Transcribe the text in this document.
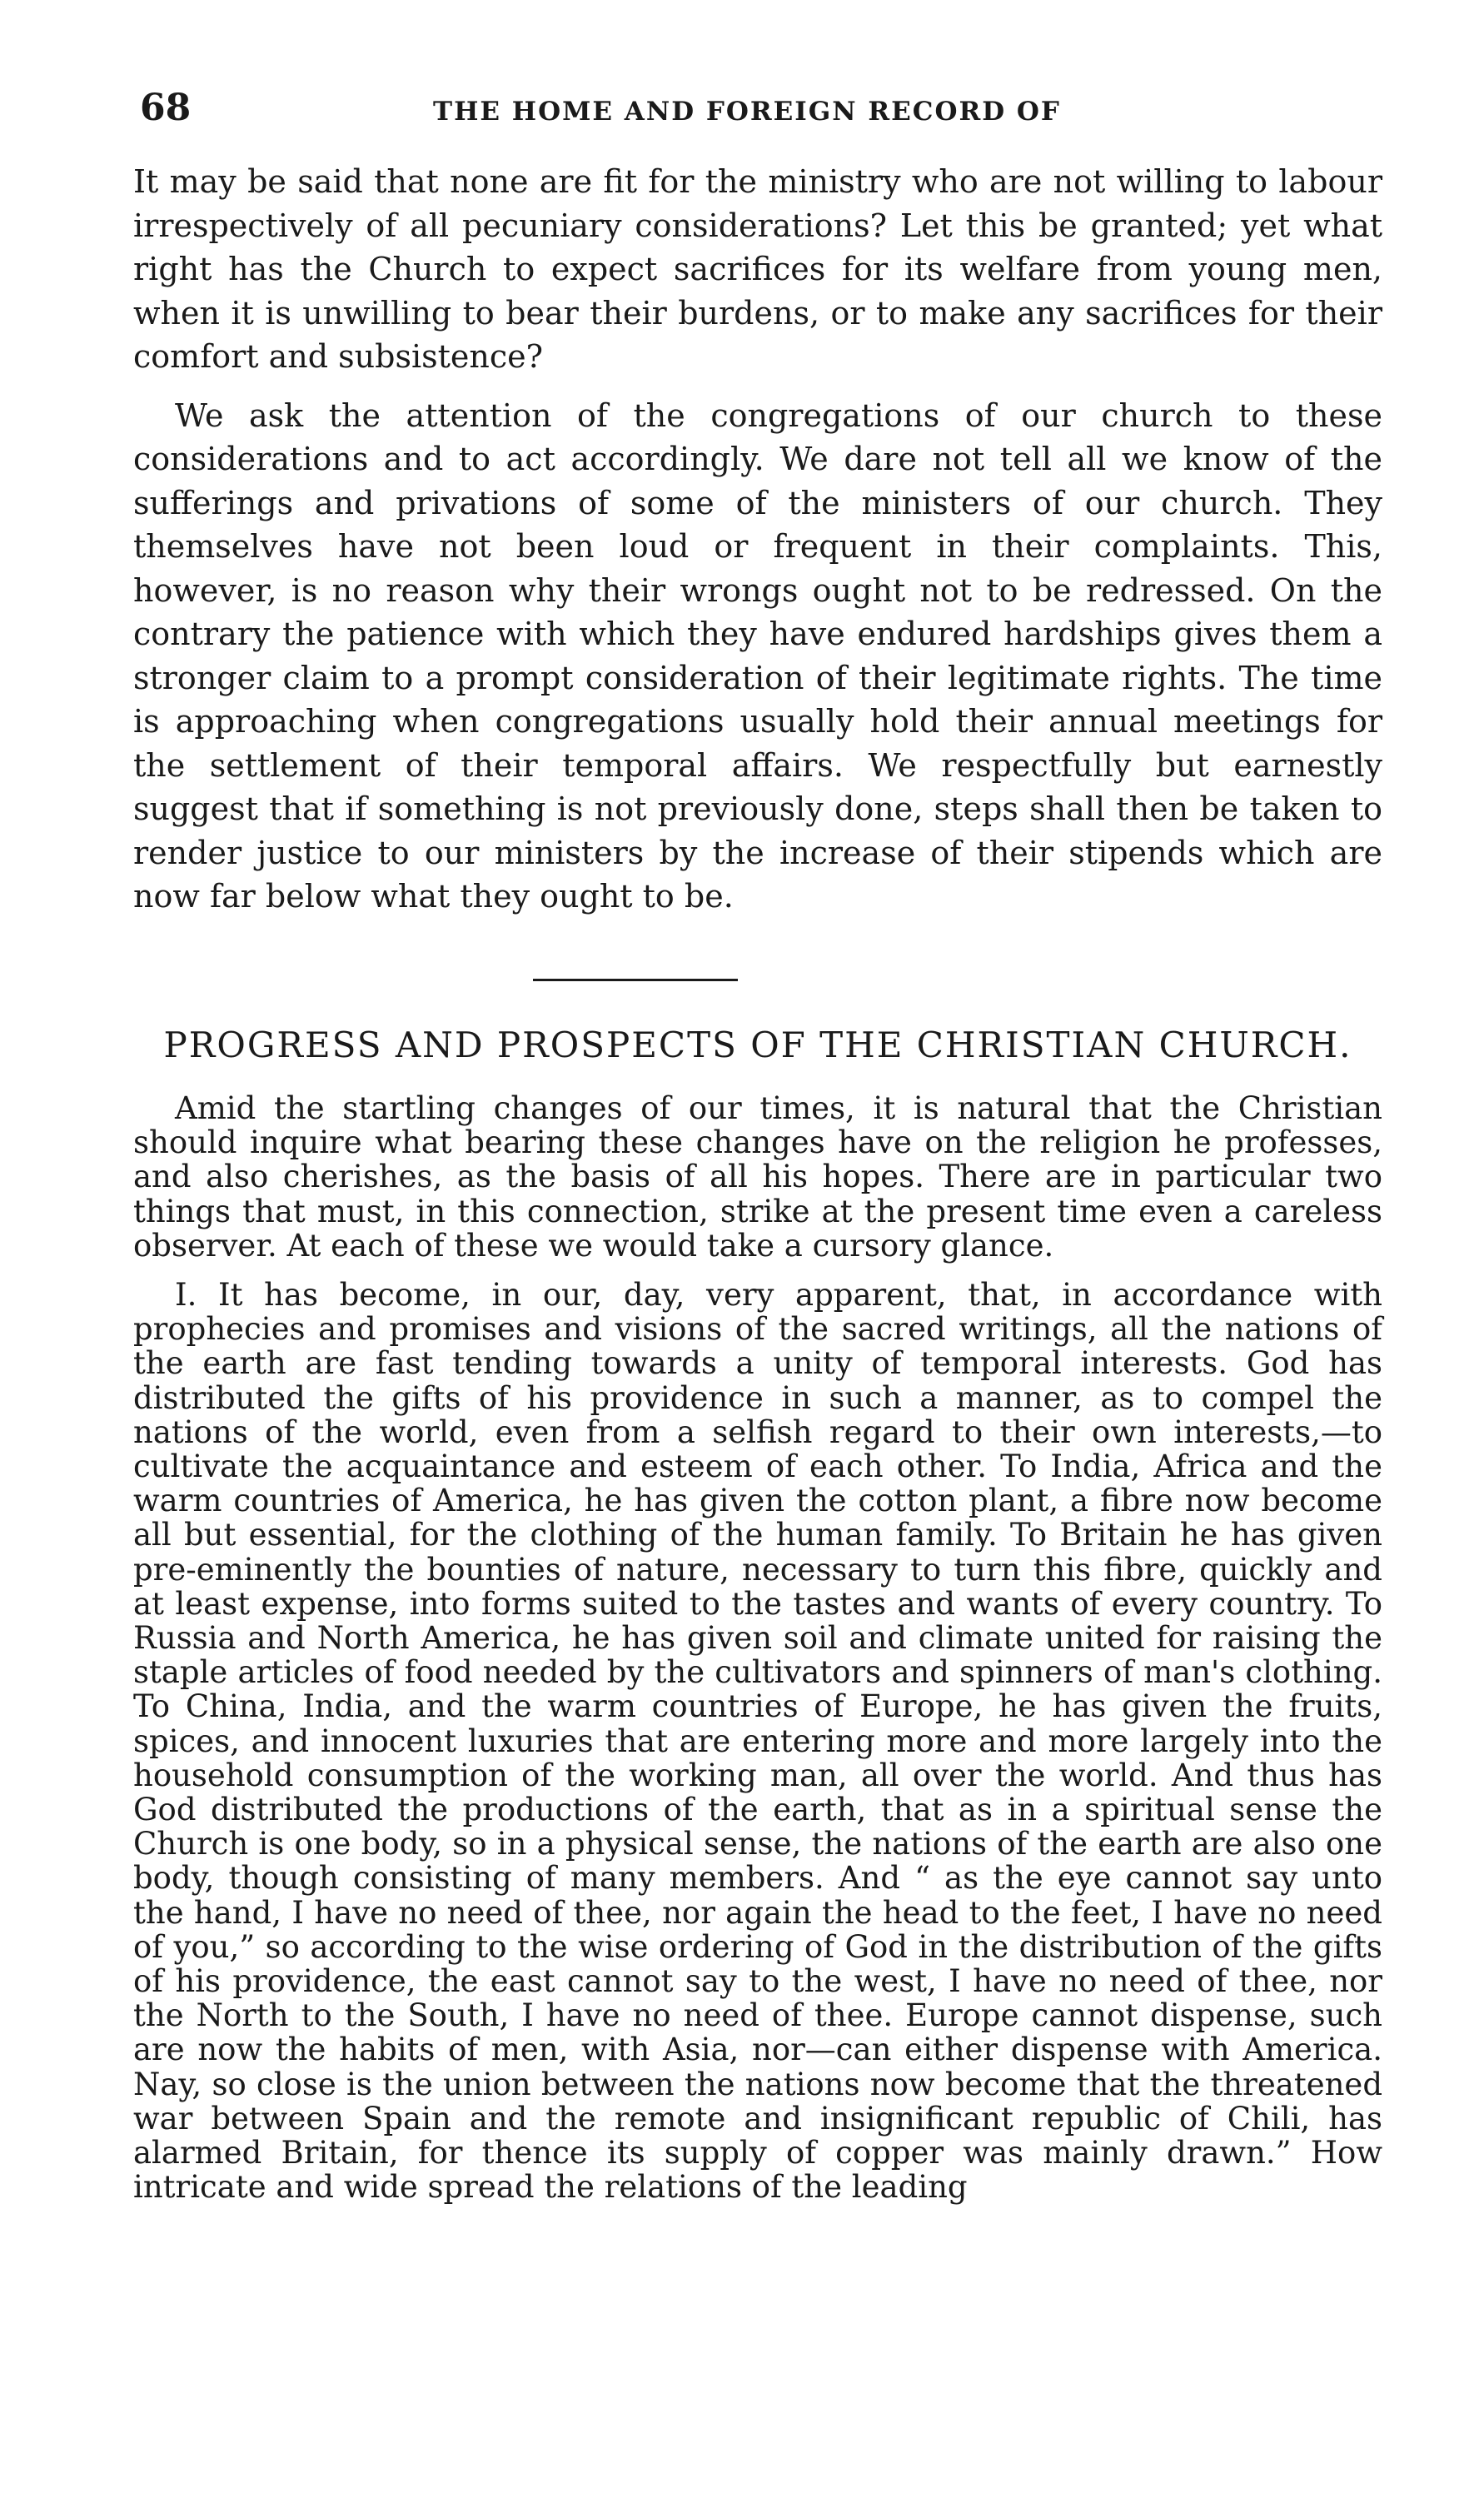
68	THE HOME AND FOREIGN RECORD OF

It may be said that none are fit for the ministry who are not willing to labour irrespectively of all pecuniary considerations? Let this be granted; yet what right has the Church to expect sacrifices for its welfare from young men, when it is unwilling to bear their burdens, or to make any sacrifices for their comfort and subsistence?

We ask the attention of the congregations of our church to these considerations and to act accordingly. We dare not tell all we know of the sufferings and privations of some of the ministers of our church. They themselves have not been loud or frequent in their complaints. This, however, is no reason why their wrongs ought not to be redressed. On the contrary the patience with which they have endured hardships gives them a stronger claim to a prompt consideration of their legitimate rights. The time is approaching when congregations usually hold their annual meetings for the settlement of their temporal affairs. We respectfully but earnestly suggest that if something is not previously done, steps shall then be taken to render justice to our ministers by the increase of their stipends which are now far below what they ought to be.

PROGRESS AND PROSPECTS OF THE CHRISTIAN CHURCH.

Amid the startling changes of our times, it is natural that the Christian should inquire what bearing these changes have on the religion he professes, and also cherishes, as the basis of all his hopes. There are in particular two things that must, in this connection, strike at the present time even a careless observer. At each of these we would take a cursory glance.

I. It has become, in our, day, very apparent, that, in accordance with prophecies and promises and visions of the sacred writings, all the nations of the earth are fast tending towards a unity of temporal interests. God has distributed the gifts of his providence in such a manner, as to compel the nations of the world, even from a selfish regard to their own interests,—to cultivate the acquaintance and esteem of each other. To India, Africa and the warm countries of America, he has given the cotton plant, a fibre now become all but essential, for the clothing of the human family. To Britain he has given pre-eminently the bounties of nature, necessary to turn this fibre, quickly and at least expense, into forms suited to the tastes and wants of every country. To Russia and North America, he has given soil and climate united for raising the staple articles of food needed by the cultivators and spinners of man's clothing. To China, India, and the warm countries of Europe, he has given the fruits, spices, and innocent luxuries that are entering more and more largely into the household consumption of the working man, all over the world. And thus has God distributed the productions of the earth, that as in a spiritual sense the Church is one body, so in a physical sense, the nations of the earth are also one body, though consisting of many members. And “ as the eye cannot say unto the hand, I have no need of thee, nor again the head to the feet, I have no need of you,” so according to the wise ordering of God in the distribution of the gifts of his providence, the east cannot say to the west, I have no need of thee, nor the North to the South, I have no need of thee. Europe cannot dispense, such are now the habits of men, with Asia, nor—can either dispense with America. Nay, so close is the union between the nations now become that the threatened war between Spain and the remote and insignificant republic of Chili, has alarmed Britain, for thence its supply of copper was mainly drawn.” How intricate and wide spread the relations of the leading
